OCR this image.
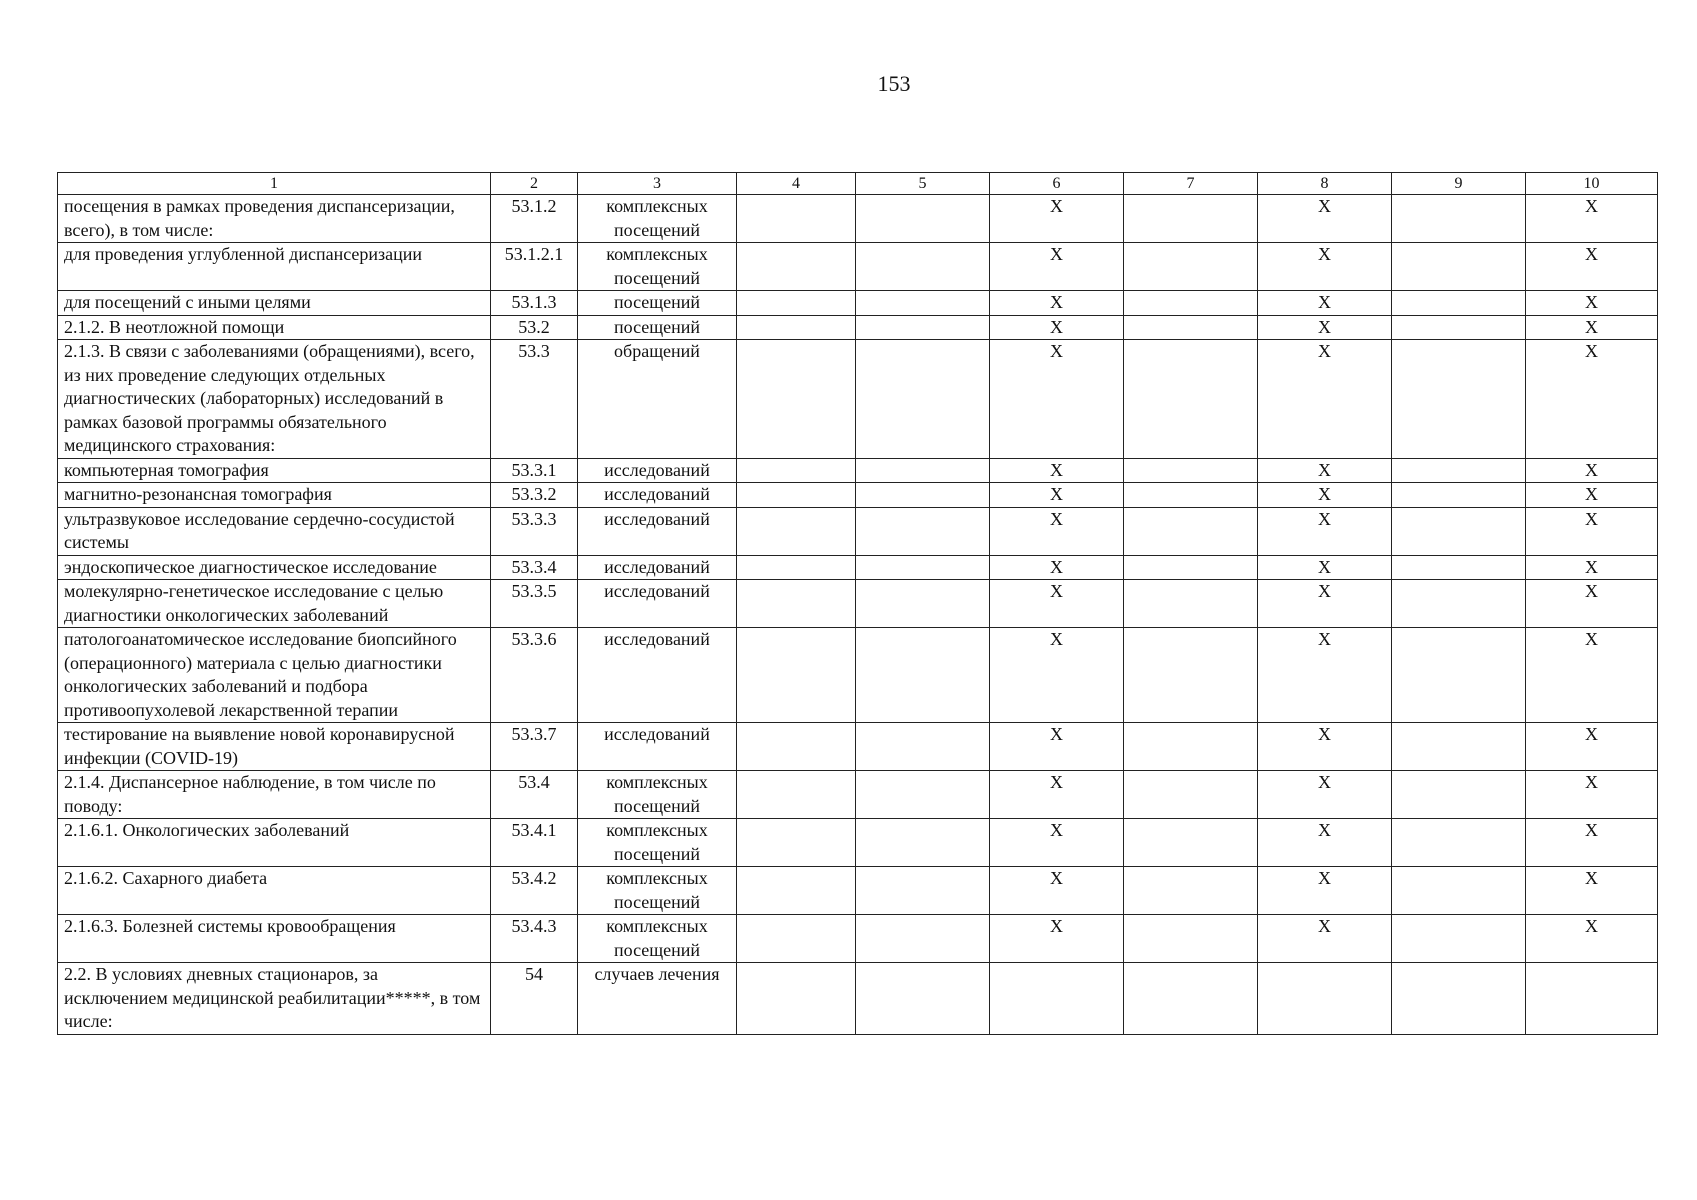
153
1	2	3	4	5	6	7	8	9	10
посещения в рамках проведения диспансеризации, всего), в том числе:	53.1.2	комплексных посещений			X		X		X
для проведения углубленной диспансеризации	53.1.2.1	комплексных посещений			X		X		X
для посещений с иными целями	53.1.3	посещений			X		X		X
2.1.2. В неотложной помощи	53.2	посещений			X		X		X
2.1.3. В связи с заболеваниями (обращениями), всего, из них проведение следующих отдельных диагностических (лабораторных) исследований в рамках базовой программы обязательного медицинского страхования:	53.3	обращений			X		X		X
компьютерная томография	53.3.1	исследований			X		X		X
магнитно-резонансная томография	53.3.2	исследований			X		X		X
ультразвуковое исследование сердечно-сосудистой системы	53.3.3	исследований			X		X		X
эндоскопическое диагностическое исследование	53.3.4	исследований			X		X		X
молекулярно-генетическое исследование с целью диагностики онкологических заболеваний	53.3.5	исследований			X		X		X
патологоанатомическое исследование биопсийного (операционного) материала с целью диагностики онкологических заболеваний и подбора противоопухолевой лекарственной терапии	53.3.6	исследований			X		X		X
тестирование на выявление новой коронавирусной инфекции (COVID-19)	53.3.7	исследований			X		X		X
2.1.4. Диспансерное наблюдение, в том числе по поводу:	53.4	комплексных посещений			X		X		X
2.1.6.1. Онкологических заболеваний	53.4.1	комплексных посещений			X		X		X
2.1.6.2. Сахарного диабета	53.4.2	комплексных посещений			X		X		X
2.1.6.3. Болезней системы кровообращения	53.4.3	комплексных посещений			X		X		X
2.2. В условиях дневных стационаров, за исключением медицинской реабилитации*****, в том числе:	54	случаев лечения							
